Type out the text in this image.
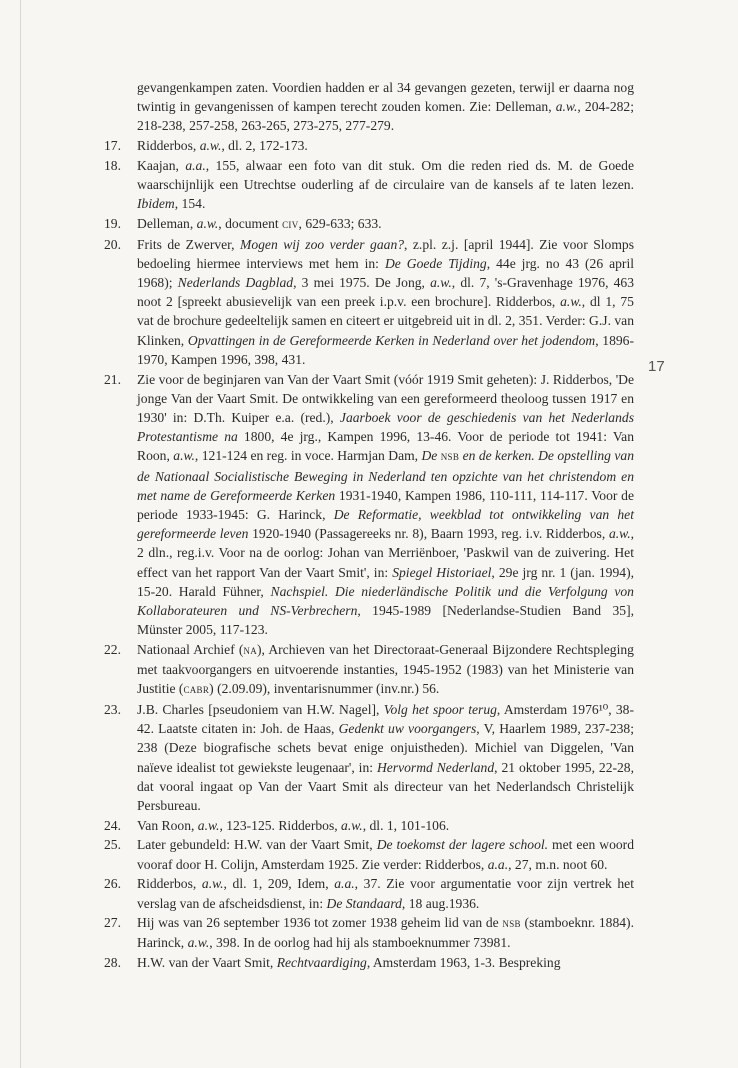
17
gevangenkampen zaten. Voordien hadden er al 34 gevangen gezeten, terwijl er daarna nog twintig in gevangenissen of kampen terecht zouden komen. Zie: Delleman, a.w., 204-282; 218-238, 257-258, 263-265, 273-275, 277-279.
17.	Ridderbos, a.w., dl. 2, 172-173.
18.	Kaajan, a.a., 155, alwaar een foto van dit stuk. Om die reden ried ds. M. de Goede waarschijnlijk een Utrechtse ouderling af de circulaire van de kansels af te laten lezen. Ibidem, 154.
19.	Delleman, a.w., document civ, 629-633; 633.
20.	Frits de Zwerver, Mogen wij zoo verder gaan?, z.pl. z.j. [april 1944]. Zie voor Slomps bedoeling hiermee interviews met hem in: De Goede Tijding, 44e jrg. no 43 (26 april 1968); Nederlands Dagblad, 3 mei 1975. De Jong, a.w., dl. 7, 's-Gravenhage 1976, 463 noot 2 [spreekt abusievelijk van een preek i.p.v. een brochure]. Ridderbos, a.w., dl 1, 75 vat de brochure gedeeltelijk samen en citeert er uitgebreid uit in dl. 2, 351. Verder: G.J. van Klinken, Opvattingen in de Gereformeerde Kerken in Nederland over het jodendom, 1896-1970, Kampen 1996, 398, 431.
21.	Zie voor de beginjaren van Van der Vaart Smit (vóór 1919 Smit geheten): J. Ridderbos, 'De jonge Van der Vaart Smit. De ontwikkeling van een gereformeerd theoloog tussen 1917 en 1930' in: D.Th. Kuiper e.a. (red.), Jaarboek voor de geschiedenis van het Nederlands Protestantisme na 1800, 4e jrg., Kampen 1996, 13-46. Voor de periode tot 1941: Van Roon, a.w., 121-124 en reg. in voce. Harmjan Dam, De nsb en de kerken. De opstelling van de Nationaal Socialistische Beweging in Nederland ten opzichte van het christendom en met name de Gereformeerde Kerken 1931-1940, Kampen 1986, 110-111, 114-117. Voor de periode 1933-1945: G. Harinck, De Reformatie, weekblad tot ontwikkeling van het gereformeerde leven 1920-1940 (Passagereeks nr. 8), Baarn 1993, reg. i.v. Ridderbos, a.w., 2 dln., reg.i.v. Voor na de oorlog: Johan van Merriënboer, 'Paskwil van de zuivering. Het effect van het rapport Van der Vaart Smit', in: Spiegel Historiael, 29e jrg nr. 1 (jan. 1994), 15-20. Harald Fühner, Nachspiel. Die niederländische Politik und die Verfolgung von Kollaborateuren und NS-Verbrechern, 1945-1989 [Nederlandse-Studien Band 35], Münster 2005, 117-123.
22.	Nationaal Archief (na), Archieven van het Directoraat-Generaal Bijzondere Rechtspleging met taakvoorgangers en uitvoerende instanties, 1945-1952 (1983) van het Ministerie van Justitie (cabr) (2.09.09), inventarisnummer (inv.nr.) 56.
23.	J.B. Charles [pseudoniem van H.W. Nagel], Volg het spoor terug, Amsterdam 1976¹⁰, 38-42. Laatste citaten in: Joh. de Haas, Gedenkt uw voorgangers, V, Haarlem 1989, 237-238; 238 (Deze biografische schets bevat enige onjuistheden). Michiel van Diggelen, 'Van naïeve idealist tot gewiekste leugenaar', in: Hervormd Nederland, 21 oktober 1995, 22-28, dat vooral ingaat op Van der Vaart Smit als directeur van het Nederlandsch Christelijk Persbureau.
24.	Van Roon, a.w., 123-125. Ridderbos, a.w., dl. 1, 101-106.
25.	Later gebundeld: H.W. van der Vaart Smit, De toekomst der lagere school. met een woord vooraf door H. Colijn, Amsterdam 1925. Zie verder: Ridderbos, a.a., 27, m.n. noot 60.
26.	Ridderbos, a.w., dl. 1, 209, Idem, a.a., 37. Zie voor argumentatie voor zijn vertrek het verslag van de afscheidsdienst, in: De Standaard, 18 aug.1936.
27.	Hij was van 26 september 1936 tot zomer 1938 geheim lid van de nsb (stamboeknr. 1884). Harinck, a.w., 398. In de oorlog had hij als stamboeknummer 73981.
28.	H.W. van der Vaart Smit, Rechtvaardiging, Amsterdam 1963, 1-3. Bespreking
